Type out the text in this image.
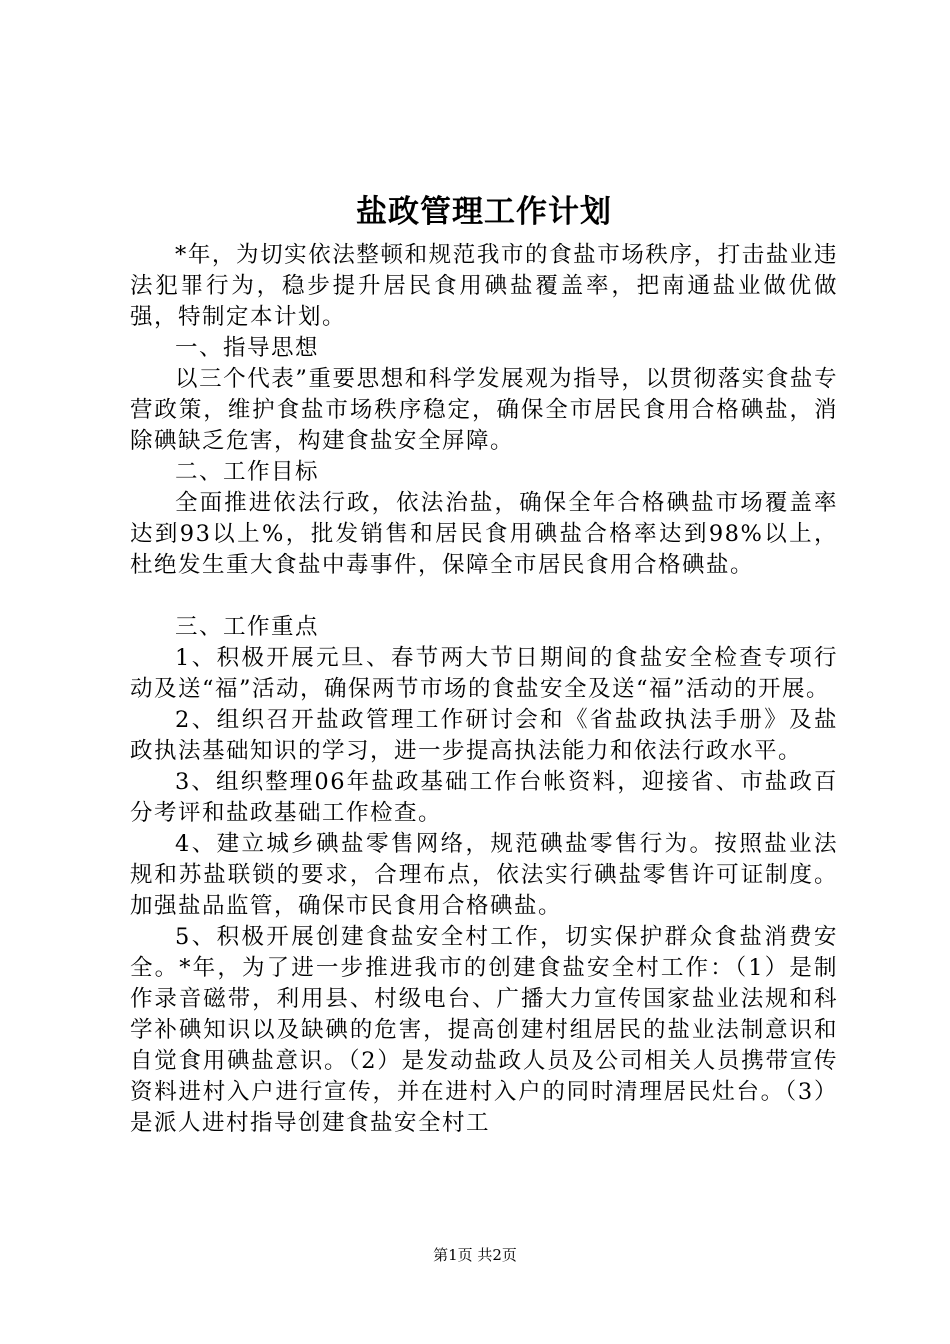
盐政管理工作计划

*年，为切实依法整顿和规范我市的食盐市场秩序，打击盐业违法犯罪行为，稳步提升居民食用碘盐覆盖率，把南通盐业做优做强，特制定本计划。

一、指导思想

以三个代表”重要思想和科学发展观为指导，以贯彻落实食盐专营政策，维护食盐市场秩序稳定，确保全市居民食用合格碘盐，消除碘缺乏危害，构建食盐安全屏障。

二、工作目标

全面推进依法行政，依法治盐，确保全年合格碘盐市场覆盖率达到93以上%，批发销售和居民食用碘盐合格率达到98%以上，杜绝发生重大食盐中毒事件，保障全市居民食用合格碘盐。

三、工作重点

1、积极开展元旦、春节两大节日期间的食盐安全检查专项行动及送“福”活动，确保两节市场的食盐安全及送“福”活动的开展。

2、组织召开盐政管理工作研讨会和《省盐政执法手册》及盐政执法基础知识的学习，进一步提高执法能力和依法行政水平。

3、组织整理06年盐政基础工作台帐资料，迎接省、市盐政百分考评和盐政基础工作检查。

4、建立城乡碘盐零售网络，规范碘盐零售行为。按照盐业法规和苏盐联锁的要求，合理布点，依法实行碘盐零售许可证制度。加强盐品监管，确保市民食用合格碘盐。

5、积极开展创建食盐安全村工作，切实保护群众食盐消费安全。*年，为了进一步推进我市的创建食盐安全村工作：（1）是制作录音磁带，利用县、村级电台、广播大力宣传国家盐业法规和科学补碘知识以及缺碘的危害，提高创建村组居民的盐业法制意识和自觉食用碘盐意识。（2）是发动盐政人员及公司相关人员携带宣传资料进村入户进行宣传，并在进村入户的同时清理居民灶台。（3）是派人进村指导创建食盐安全村工

第1页 共2页
